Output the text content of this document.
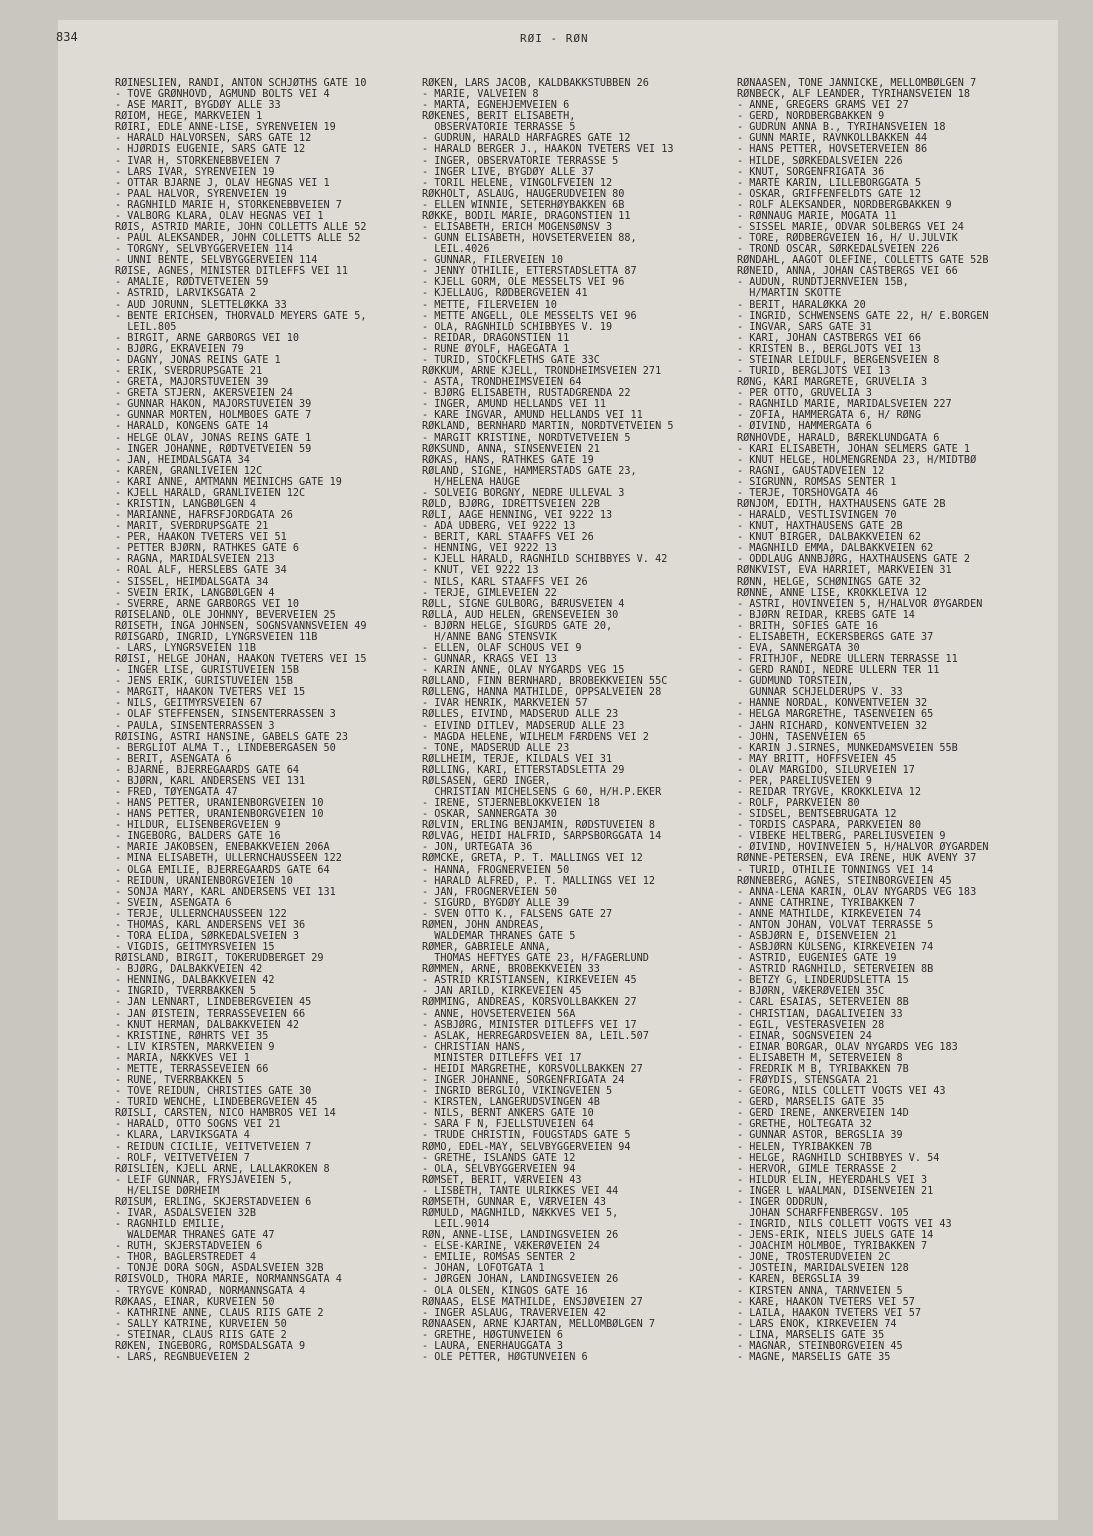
834	RØI - RØN
RØINESLIEN, RANDI, ANTON SCHJØTHS GATE 10
- TOVE GRØNHOVD, AGMUND BOLTS VEI 4
- ÅSE MARIT, BYGDØY ALLE 33
RØIOM, HEGE, MARKVEIEN 1
RØIRI, EDLE ANNE-LISE, SYRENVEIEN 19
- HARALD HALVORSEN, SARS GATE 12
- HJØRDIS EUGENIE, SARS GATE 12
- IVAR H, STORKENEBBVEIEN 7
- LARS IVAR, SYRENVEIEN 19
- OTTAR BJARNE J, OLAV HEGNAS VEI 1
- PAAL HALVOR, SYRENVEIEN 19
- RAGNHILD MARIE H, STORKENEBBVEIEN 7
- VALBORG KLARA, OLAV HEGNAS VEI 1
RØIS, ASTRID MARIE, JOHN COLLETTS ALLE 52
- PAUL ALEKSANDER, JOHN COLLETTS ALLE 52
- TORGNY, SELVBYGGERVEIEN 114
- UNNI BENTE, SELVBYGGERVEIEN 114
RØISE, AGNES, MINISTER DITLEFFS VEI 11
- AMALIE, RØDTVETVEIEN 59
- ASTRID, LARVIKSGATA 2
- AUD JORUNN, SLETTELØKKA 33
- BENTE ERICHSEN, THORVALD MEYERS GATE 5,
LEIL.805
- BIRGIT, ARNE GARBORGS VEI 10
- BJØRG, EKRAVEIEN 79
- DAGNY, JONAS REINS GATE 1
- ERIK, SVERDRUPSGATE 21
- GRETA, MAJORSTUVEIEN 39
- GRETA STJERN, AKERSVEIEN 24
- GUNNAR HÅKON, MAJORSTUVEIEN 39
- GUNNAR MORTEN, HOLMBOES GATE 7
- HARALD, KONGENS GATE 14
- HELGE OLAV, JONAS REINS GATE 1
- INGER JOHANNE, RØDTVETVEIEN 59
- JAN, HEIMDALSGATA 34
- KAREN, GRANLIVEIEN 12C
- KARI ANNE, AMTMANN MEINICHS GATE 19
- KJELL HARALD, GRANLIVEIEN 12C
- KRISTIN, LANGBØLGEN 4
- MARIANNE, HAFRSFJORDGATA 26
- MARIT, SVERDRUPSGATE 21
- PER, HAAKON TVETERS VEI 51
- PETTER BJØRN, RATHKES GATE 6
- RAGNA, MARIDALSVEIEN 213
- ROAL ALF, HERSLEBS GATE 34
- SISSEL, HEIMDALSGATA 34
- SVEIN ERIK, LANGBØLGEN 4
- SVERRE, ARNE GARBORGS VEI 10
RØISELAND, OLE JOHNNY, BEVERVEIEN 25
RØISETH, INGA JOHNSEN, SOGNSVANNSVEIEN 49
RØISGARD, INGRID, LYNGRSVEIEN 11B
- LARS, LYNGRSVEIEN 11B
RØISI, HELGE JOHAN, HAAKON TVETERS VEI 15
- INGER LISE, GURISTUVEIEN 15B
- JENS ERIK, GURISTUVEIEN 15B
- MARGIT, HAAKON TVETERS VEI 15
- NILS, GEITMYRSVEIEN 67
- OLAF STEFFENSEN, SINSENTERRASSEN 3
- PAULA, SINSENTERRASSEN 3
RØISING, ASTRI HANSINE, GABELS GATE 23
- BERGLIOT ALMA T., LINDEBERGÅSEN 50
- BERIT, ÅSENGATA 6
- BJARNE, BJERREGAARDS GATE 64
- BJØRN, KARL ANDERSENS VEI 131
- FRED, TØYENGATA 47
- HANS PETTER, URANIENBORGVEIEN 10
- HANS PETTER, URANIENBORGVEIEN 10
- HILDUR, ELISENBERGVEIEN 9
- INGEBORG, BALDERS GATE 16
- MARIE JAKOBSEN, ENEBAKKVEIEN 206A
- MINA ELISABETH, ULLERNCHAUSSEEN 122
- OLGA EMILIE, BJERREGAARDS GATE 64
- REIDUN, URANIENBORGVEIEN 10
- SONJA MARY, KARL ANDERSENS VEI 131
- SVEIN, ÅSENGATA 6
- TERJE, ULLERNCHAUSSEEN 122
- THOMAS, KARL ANDERSENS VEI 36
- TORA ELIDA, SØRKEDALSVEIEN 3
- VIGDIS, GEITMYRSVEIEN 15
RØISLAND, BIRGIT, TOKERUDBERGET 29
- BJØRG, DALBAKKVEIEN 42
- HENNING, DALBAKKVEIEN 42
- INGRID, TVERRBAKKEN 5
- JAN LENNART, LINDEBERGVEIEN 45
- JAN ØISTEIN, TERRASSEVEIEN 66
- KNUT HERMAN, DALBAKKVEIEN 42
- KRISTINE, RØHRTS VEI 35
- LIV KIRSTEN, MARKVEIEN 9
- MARIA, NÆKKVES VEI 1
- METTE, TERRASSEVEIEN 66
- RUNE, TVERRBAKKEN 5
- TOVE REIDUN, CHRISTIES GATE 30
- TURID WENCHE, LINDEBERGVEIEN 45
RØISLI, CARSTEN, NICO HAMBROS VEI 14
- HARALD, OTTO SOGNS VEI 21
- KLARA, LARVIKSGATA 4
- REIDUN CICILIE, VEITVETVEIEN 7
- ROLF, VEITVETVEIEN 7
RØISLIEN, KJELL ARNE, LALLAKROKEN 8
- LEIF GUNNAR, FRYSJAVEIEN 5,
H/ELISE DØRHEIM
RØISUM, ERLING, SKJERSTADVEIEN 6
- IVAR, ÅSDALSVEIEN 32B
- RAGNHILD EMILIE,
WALDEMAR THRANES GATE 47
- RUTH, SKJERSTADVEIEN 6
- THOR, BAGLERSTREDET 4
- TONJE DORA SOGN, ÅSDALSVEIEN 32B
RØISVOLD, THORA MARIE, NORMANNSGATA 4
- TRYGVE KONRAD, NORMANNSGATA 4
RØKAAS, EINAR, KURVEIEN 50
- KATHRINE ANNE, CLAUS RIIS GATE 2
- SALLY KATRINE, KURVEIEN 50
- STEINAR, CLAUS RIIS GATE 2
RØKEN, INGEBORG, ROMSDALSGATA 9
- LARS, REGNBUEVEIEN 2
RØKEN, LARS JACOB, KALDBAKKSTUBBEN 26
- MARIE, VALVEIEN 8
- MARTA, EGNEHJEMVEIEN 6
RØKENES, BERIT ELISABETH,
OBSERVATORIE TERRASSE 5
- GUDRUN, HARALD HÅRFAGRES GATE 12
- HARALD BERGER J., HAAKON TVETERS VEI 13
- INGER, OBSERVATORIE TERRASSE 5
- INGER LIVE, BYGDØY ALLE 37
- TORIL HELENE, VINGOLFVEIEN 12
RØKHOLT, ASLAUG, HAUGERUDVEIEN 80
- ELLEN WINNIE, SETERHØYBAKKEN 6B
RØKKE, BODIL MARIE, DRAGONSTIEN 11
- ELISABETH, ERICH MOGENSØNSV 3
- GUNN ELISABETH, HOVSETERVEIEN 88,
LEIL.4026
- GUNNAR, FILERVEIEN 10
- JENNY OTHILIE, ETTERSTADSLETTA 87
- KJELL GORM, OLE MESSELTS VEI 96
- KJELLAUG, RØDBERGVEIEN 41
- METTE, FILERVEIEN 10
- METTE ANGELL, OLE MESSELTS VEI 96
- OLA, RAGNHILD SCHIBBYES V. 19
- REIDAR, DRAGONSTIEN 11
- RUNE ØYOLF, HAGEGATA 1
- TURID, STOCKFLETHS GATE 33C
RØKKUM, ARNE KJELL, TRONDHEIMSVEIEN 271
- ASTA, TRONDHEIMSVEIEN 64
- BJØRG ELISABETH, RUSTADGRENDA 22
- INGER, AMUND HELLANDS VEI 11
- KÅRE INGVAR, AMUND HELLANDS VEI 11
RØKLAND, BERNHARD MARTIN, NORDTVETVEIEN 5
- MARGIT KRISTINE, NORDTVETVEIEN 5
RØKSUND, ANNA, SINSENVEIEN 21
RØKÅS, HANS, RATHKES GATE 19
RØLAND, SIGNE, HAMMERSTADS GATE 23,
H/HELENA HAUGE
- SOLVEIG BORGNY, NEDRE ULLEVÅL 3
RØLD, BJØRG, IDRETTSVEIEN 22B
RØLI, AAGE HENNING, VEI 9222 13
- ADA UDBERG, VEI 9222 13
- BERIT, KARL STAAFFS VEI 26
- HENNING, VEI 9222 13
- KJELL HARALD, RAGNHILD SCHIBBYES V. 42
- KNUT, VEI 9222 13
- NILS, KARL STAAFFS VEI 26
- TERJE, GIMLEVEIEN 22
RØLL, SIGNE GULBORG, BÆRUSVEIEN 4
RØLLA, AUD HELEN, GRENSEVEIEN 30
- BJØRN HELGE, SIGURDS GATE 20,
H/ANNE BANG STENSVIK
- ELLEN, OLAF SCHOUS VEI 9
- GUNNAR, KRAGS VEI 13
- KARIN ANNE, OLAV NYGARDS VEG 15
RØLLAND, FINN BERNHARD, BROBEKKVEIEN 55C
RØLLENG, HANNA MATHILDE, OPPSALVEIEN 28
- IVAR HENRIK, MARKVEIEN 57
RØLLES, EIVIND, MADSERUD ALLE 23
- EIVIND DITLEV, MADSERUD ALLE 23
- MAGDA HELENE, WILHELM FÆRDENS VEI 2
- TONE, MADSERUD ALLE 23
RØLLHEIM, TERJE, KILDALS VEI 31
RØLLING, KARI, ETTERSTADSLETTA 29
RØLSÅSEN, GERD INGER,
CHRISTIAN MICHELSENS G 60, H/H.P.EKER
- IRENE, STJERNEBLOKKVEIEN 18
- OSKAR, SANNERGATA 30
RØLVIN, ERLING BENJAMIN, RØDSTUVEIEN 8
RØLVÅG, HEIDI HALFRID, SARPSBORGGATA 14
- JON, URTEGATA 36
RØMCKE, GRETA, P. T. MALLINGS VEI 12
- HANNA, FROGNERVEIEN 50
- HARALD ALFRED, P. T. MALLINGS VEI 12
- JAN, FROGNERVEIEN 50
- SIGURD, BYGDØY ALLE 39
- SVEN OTTO K., FALSENS GATE 27
RØMEN, JOHN ANDREAS,
WALDEMAR THRANES GATE 5
RØMER, GABRIELE ANNA,
THOMAS HEFTYES GATE 23, H/FAGERLUND
RØMMEN, ARNE, BROBEKKVEIEN 33
- ASTRID KRISTIANSEN, KIRKEVEIEN 45
- JAN ARILD, KIRKEVEIEN 45
RØMMING, ANDREAS, KORSVOLLBAKKEN 27
- ANNE, HOVSETERVEIEN 56A
- ASBJØRG, MINISTER DITLEFFS VEI 17
- ASLAK, HERREGÅRDSVEIEN 8A, LEIL.507
- CHRISTIAN HANS,
MINISTER DITLEFFS VEI 17
- HEIDI MARGRETHE, KORSVOLLBAKKEN 27
- INGER JOHANNE, SORGENFRIGATA 24
- INGRID BERGLIO, VIKINGVEIEN 5
- KIRSTEN, LANGERUDSVINGEN 4B
- NILS, BERNT ANKERS GATE 10
- SARA F N, FJELLSTUVEIEN 64
- TRUDE CHRISTIN, FOUGSTADS GATE 5
RØMO, EDEL-MAY, SELVBYGGERVEIEN 94
- GRETHE, ISLANDS GATE 12
- OLA, SELVBYGGERVEIEN 94
RØMSET, BERIT, VÆRVEIEN 43
- LISBETH, TANTE ULRIKKES VEI 44
RØMSETH, GUNNAR E, VÆRVEIEN 43
RØMULD, MAGNHILD, NÆKKVES VEI 5,
LEIL.9014
RØN, ANNE-LISE, LANDINGSVEIEN 26
- ELSE-KARINE, VÆKERØVEIEN 24
- EMILIE, ROMSÅS SENTER 2
- JOHAN, LOFOTGATA 1
- JØRGEN JOHAN, LANDINGSVEIEN 26
- OLA OLSEN, KINGOS GATE 16
RØNAAS, ELSE MATHILDE, ENSJØVEIEN 27
- INGER ASLAUG, TRAVERVEIEN 42
RØNAASEN, ARNE KJARTAN, MELLOMBØLGEN 7
- GRETHE, HØGTUNVEIEN 6
- LAURA, ENERHAUGGATA 3
- OLE PETTER, HØGTUNVEIEN 6
RØNAASEN, TONE JANNICKE, MELLOMBØLGEN 7
RØNBECK, ALF LEANDER, TYRIHANSVEIEN 18
- ANNE, GREGERS GRAMS VEI 27
- GERD, NORDBERGBAKKEN 9
- GUDRUN ANNA B., TYRIHANSVEIEN 18
- GUNN MARIE, RAVNKOLLBAKKEN 44
- HANS PETTER, HOVSETERVEIEN 86
- HILDE, SØRKEDALSVEIEN 226
- KNUT, SORGENFRIGATA 36
- MARTE KARIN, LILLEBORGGATA 5
- OSKAR, GRIFFENFELDTS GATE 12
- ROLF ALEKSANDER, NORDBERGBAKKEN 9
- RØNNAUG MARIE, MOGATA 11
- SISSEL MARIE, ODVAR SOLBERGS VEI 24
- TORE, RØDBERGVEIEN 16, H/ U.JULVIK
- TROND OSCAR, SØRKEDALSVEIEN 226
RØNDAHL, AAGOT OLEFINE, COLLETTS GATE 52B
RØNEID, ANNA, JOHAN CASTBERGS VEI 66
- AUDUN, RUNDTJERNVEIEN 15B,
H/MARTIN SKOTTE
- BERIT, HARALØKKA 20
- INGRID, SCHWENSENS GATE 22, H/ E.BORGEN
- INGVAR, SARS GATE 31
- KARI, JOHAN CASTBERGS VEI 66
- KRISTEN B., BERGLJOTS VEI 13
- STEINAR LEIDULF, BERGENSVEIEN 8
- TURID, BERGLJOTS VEI 13
RØNG, KARI MARGRETE, GRUVELIA 3
- PER OTTO, GRUVELIA 3
- RAGNHILD MARIE, MARIDALSVEIEN 227
- ZOFIA, HAMMERGATA 6, H/ RØNG
- ØIVIND, HAMMERGATA 6
RØNHOVDE, HARALD, BÆREKLUNDGATA 6
- KARI ELISABETH, JOHAN SELMERS GATE 1
- KNUT HELGE, HOLMENGRENDA 23, H/MIDTBØ
- RAGNI, GAUSTADVEIEN 12
- SIGRUNN, ROMSÅS SENTER 1
- TERJE, TORSHOVGATA 46
RØNJOM, EDITH, HAXTHAUSENS GATE 2B
- HARALD, VESTLISVINGEN 70
- KNUT, HAXTHAUSENS GATE 2B
- KNUT BIRGER, DALBAKKVEIEN 62
- MAGNHILD EMMA, DALBAKKVEIEN 62
- ODDLAUG ANNBJØRG, HAXTHAUSENS GATE 2
RØNKVIST, EVA HARRIET, MARKVEIEN 31
RØNN, HELGE, SCHØNINGS GATE 32
RØNNE, ANNE LISE, KROKKLEIVA 12
- ASTRI, HOVINVEIEN 5, H/HALVOR ØYGARDEN
- BJØRN REIDAR, KREBS GATE 14
- BRITH, SOFIES GATE 16
- ELISABETH, ECKERSBERGS GATE 37
- EVA, SANNERGATA 30
- FRITHJOF, NEDRE ULLERN TERRASSE 11
- GERD RANDI, NEDRE ULLERN TER 11
- GUDMUND TORSTEIN,
GUNNAR SCHJELDERUPS V. 33
- HANNE NORDAL, KONVENTVEIEN 32
- HELGA MARGRETHE, TÅSENVEIEN 65
- JAHN RICHARD, KONVENTVEIEN 32
- JOHN, TÅSENVEIEN 65
- KARIN J.SIRNES, MUNKEDAMSVEIEN 55B
- MAY BRITT, HOFFSVEIEN 45
- OLAV MARGIDO, SILURVEIEN 17
- PER, PARELIUSVEIEN 9
- REIDAR TRYGVE, KROKKLEIVA 12
- ROLF, PARKVEIEN 80
- SIDSEL, BENTSEBRUGATA 12
- TORDIS CASPARA, PARKVEIEN 80
- VIBEKE HELTBERG, PARELIUSVEIEN 9
- ØIVIND, HOVINVEIEN 5, H/HALVOR ØYGARDEN
RØNNE-PETERSEN, EVA IRENE, HUK AVENY 37
- TURID, OTHILIE TONNINGS VEI 14
RØNNEBERG, AGNES, STEINBORGVEIEN 45
- ANNA-LENA KARIN, OLAV NYGARDS VEG 183
- ANNE CATHRINE, TYRIBAKKEN 7
- ANNE MATHILDE, KIRKEVEIEN 74
- ANTON JOHAN, VOLVAT TERRASSE 5
- ASBJØRN E, DISENVEIEN 21
- ASBJØRN KULSENG, KIRKEVEIEN 74
- ASTRID, EUGENIES GATE 19
- ASTRID RAGNHILD, SETERVEIEN 8B
- BETZY G, LINDERUDSLETTA 15
- BJØRN, VÆKERØVEIEN 35C
- CARL ESAIAS, SETERVEIEN 8B
- CHRISTIAN, DAGALIVEIEN 33
- EGIL, VESTERÅSVEIEN 28
- EINAR, SOGNSVEIEN 24
- EINAR BORGAR, OLAV NYGARDS VEG 183
- ELISABETH M, SETERVEIEN 8
- FREDRIK M B, TYRIBAKKEN 7B
- FRØYDIS, STENSGATA 21
- GEORG, NILS COLLETT VOGTS VEI 43
- GERD, MARSELIS GATE 35
- GERD IRENE, ANKERVEIEN 14D
- GRETHE, HOLTEGATA 32
- GUNNAR ASTOR, BERGSLIA 39
- HELEN, TYRIBAKKEN 7B
- HELGE, RAGNHILD SCHIBBYES V. 54
- HERVOR, GIMLE TERRASSE 2
- HILDUR ELIN, HEYERDAHLS VEI 3
- INGER L WAALMAN, DISENVEIEN 21
- INGER ODDRUN,
JOHAN SCHARFFENBERGSV. 105
- INGRID, NILS COLLETT VOGTS VEI 43
- JENS-ERIK, NIELS JUELS GATE 14
- JOACHIM HOLMBOE, TYRIBAKKEN 7
- JONE, TROSTERUDVEIEN 2C
- JOSTEIN, MARIDALSVEIEN 128
- KAREN, BERGSLIA 39
- KIRSTEN ANNA, TÅRNVEIEN 5
- KÅRE, HAAKON TVETERS VEI 57
- LAILA, HAAKON TVETERS VEI 57
- LARS ENOK, KIRKEVEIEN 74
- LINA, MARSELIS GATE 35
- MAGNAR, STEINBORGVEIEN 45
- MAGNE, MARSELIS GATE 35
